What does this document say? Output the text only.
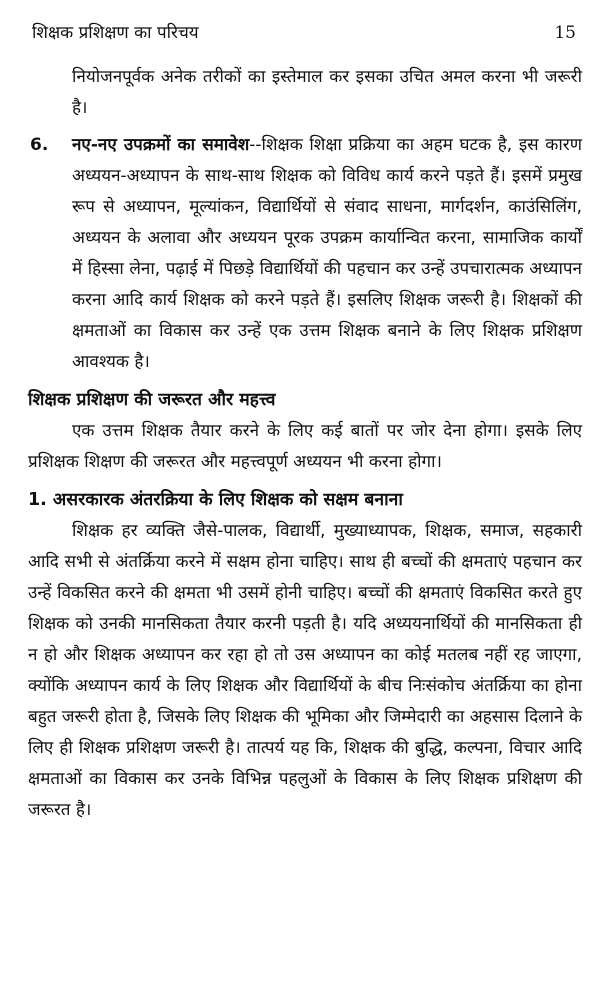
शिक्षक प्रशिक्षण का परिचय	15

नियोजनपूर्वक अनेक तरीकों का इस्तेमाल कर इसका उचित अमल करना भी जरूरी है।

6.	नए-नए उपक्रमों का समावेश--शिक्षक शिक्षा प्रक्रिया का अहम घटक है, इस कारण अध्ययन-अध्यापन के साथ-साथ शिक्षक को विविध कार्य करने पड़ते हैं। इसमें प्रमुख रूप से अध्यापन, मूल्यांकन, विद्यार्थियों से संवाद साधना, मार्गदर्शन, काउंसिलिंग, अध्ययन के अलावा और अध्ययन पूरक उपक्रम कार्यान्वित करना, सामाजिक कार्यों में हिस्सा लेना, पढ़ाई में पिछड़े विद्यार्थियों की पहचान कर उन्हें उपचारात्मक अध्यापन करना आदि कार्य शिक्षक को करने पड़ते हैं। इसलिए शिक्षक जरूरी है। शिक्षकों की क्षमताओं का विकास कर उन्हें एक उत्तम शिक्षक बनाने के लिए शिक्षक प्रशिक्षण आवश्यक है।

शिक्षक प्रशिक्षण की जरूरत और महत्त्व

एक उत्तम शिक्षक तैयार करने के लिए कई बातों पर जोर देना होगा। इसके लिए प्रशिक्षक शिक्षण की जरूरत और महत्त्वपूर्ण अध्ययन भी करना होगा।

1. असरकारक अंतरक्रिया के लिए शिक्षक को सक्षम बनाना

शिक्षक हर व्यक्ति जैसे-पालक, विद्यार्थी, मुख्याध्यापक, शिक्षक, समाज, सहकारी आदि सभी से अंतर्क्रिया करने में सक्षम होना चाहिए। साथ ही बच्चों की क्षमताएं पहचान कर उन्हें विकसित करने की क्षमता भी उसमें होनी चाहिए। बच्चों की क्षमताएं विकसित करते हुए शिक्षक को उनकी मानसिकता तैयार करनी पड़ती है। यदि अध्ययनार्थियों की मानसिकता ही न हो और शिक्षक अध्यापन कर रहा हो तो उस अध्यापन का कोई मतलब नहीं रह जाएगा, क्योंकि अध्यापन कार्य के लिए शिक्षक और विद्यार्थियों के बीच निःसंकोच अंतर्क्रिया का होना बहुत जरूरी होता है, जिसके लिए शिक्षक की भूमिका और जिम्मेदारी का अहसास दिलाने के लिए ही शिक्षक प्रशिक्षण जरूरी है। तात्पर्य यह कि, शिक्षक की बुद्धि, कल्पना, विचार आदि क्षमताओं का विकास कर उनके विभिन्न पहलुओं के विकास के लिए शिक्षक प्रशिक्षण की जरूरत है।
